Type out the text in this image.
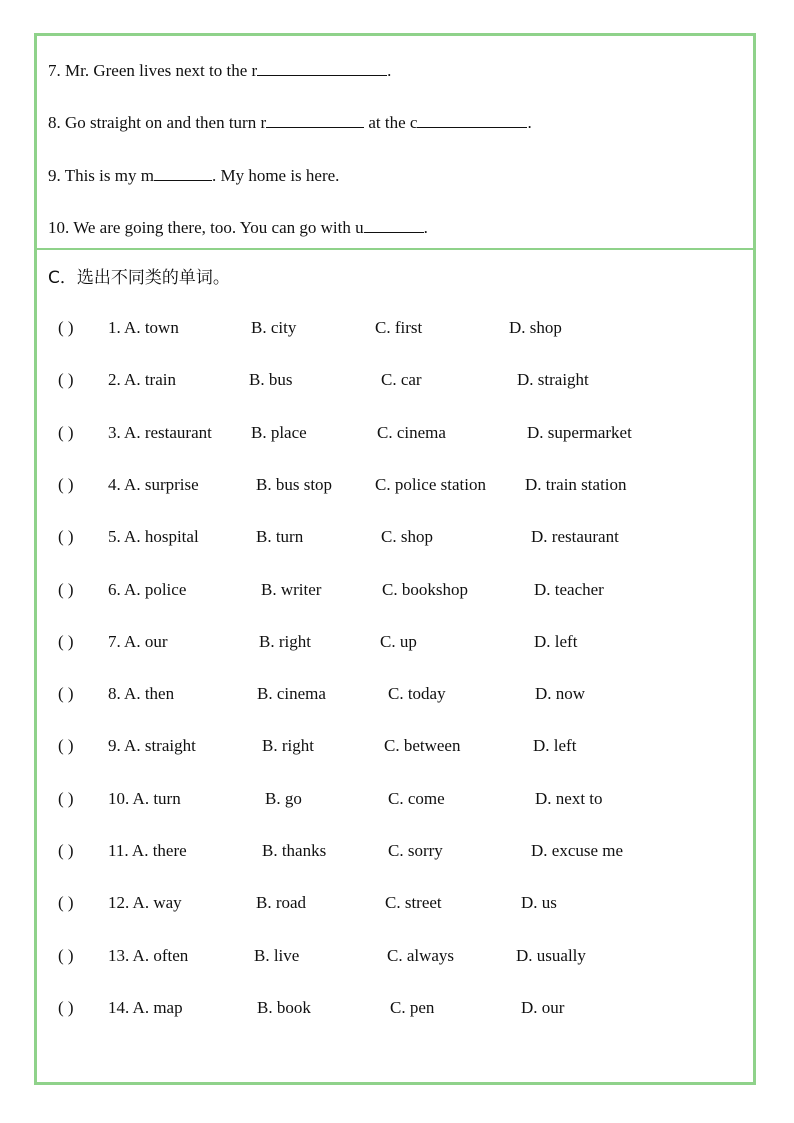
7. Mr. Green lives next to the r	.
8. Go straight on and then turn r	at the c	.
9. This is my m	. My home is here.
10. We are going there, too. You can go with u	.
C．选出不同类的单词。
( ) 1. A. town	B. city	C. first	D. shop
( ) 2. A. train	B. bus	C. car	D. straight
( ) 3. A. restaurant B. place	C. cinema	D. supermarket
( ) 4. A. surprise	B. bus stop	C. police station D. train station
( ) 5. A. hospital	B. turn	C. shop	D. restaurant
( ) 6. A. police	B. writer	C. bookshop	D. teacher
( ) 7. A. our	B. right	C. up	D. left
( ) 8. A. then	B. cinema	C. today	D. now
( ) 9. A. straight	B. right	C. between	D. left
( ) 10. A. turn	B. go	C. come	D. next to
( ) 11. A. there	B. thanks	C. sorry	D. excuse me
( ) 12. A. way	B. road	C. street	D. us
( ) 13. A. often	B. live	C. always	D. usually
( ) 14. A. map	B. book	C. pen	D. our
